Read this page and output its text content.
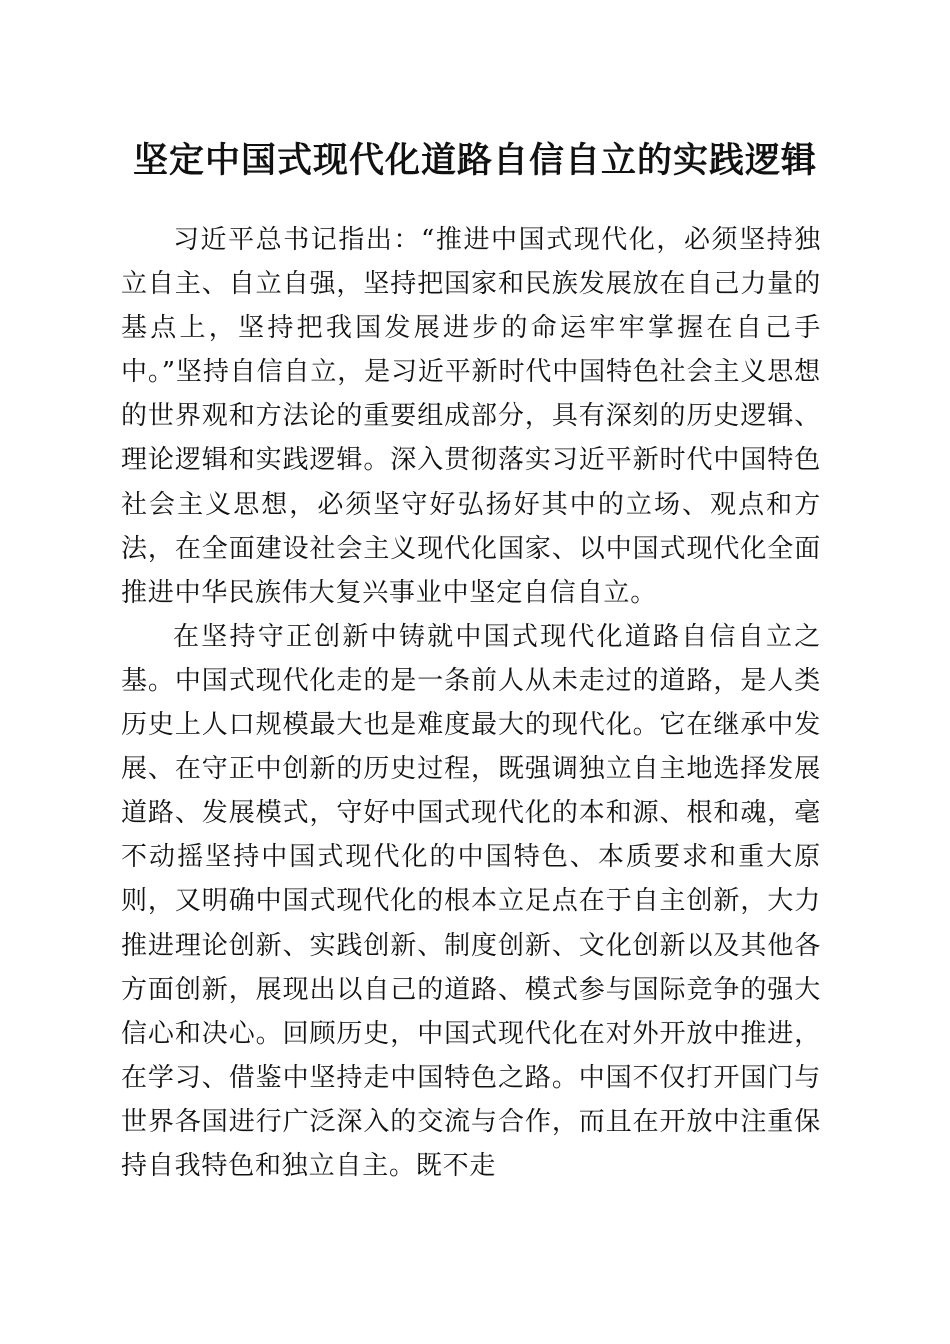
坚定中国式现代化道路自信自立的实践逻辑

习近平总书记指出：“推进中国式现代化，必须坚持独立自主、自立自强，坚持把国家和民族发展放在自己力量的基点上，坚持把我国发展进步的命运牢牢掌握在自己手中。”坚持自信自立，是习近平新时代中国特色社会主义思想的世界观和方法论的重要组成部分，具有深刻的历史逻辑、理论逻辑和实践逻辑。深入贯彻落实习近平新时代中国特色社会主义思想，必须坚守好弘扬好其中的立场、观点和方法，在全面建设社会主义现代化国家、以中国式现代化全面推进中华民族伟大复兴事业中坚定自信自立。

在坚持守正创新中铸就中国式现代化道路自信自立之基。中国式现代化走的是一条前人从未走过的道路，是人类历史上人口规模最大也是难度最大的现代化。它在继承中发展、在守正中创新的历史过程，既强调独立自主地选择发展道路、发展模式，守好中国式现代化的本和源、根和魂，毫不动摇坚持中国式现代化的中国特色、本质要求和重大原则，又明确中国式现代化的根本立足点在于自主创新，大力推进理论创新、实践创新、制度创新、文化创新以及其他各方面创新，展现出以自己的道路、模式参与国际竞争的强大信心和决心。回顾历史，中国式现代化在对外开放中推进，在学习、借鉴中坚持走中国特色之路。中国不仅打开国门与世界各国进行广泛深入的交流与合作，而且在开放中注重保持自我特色和独立自主。既不走
